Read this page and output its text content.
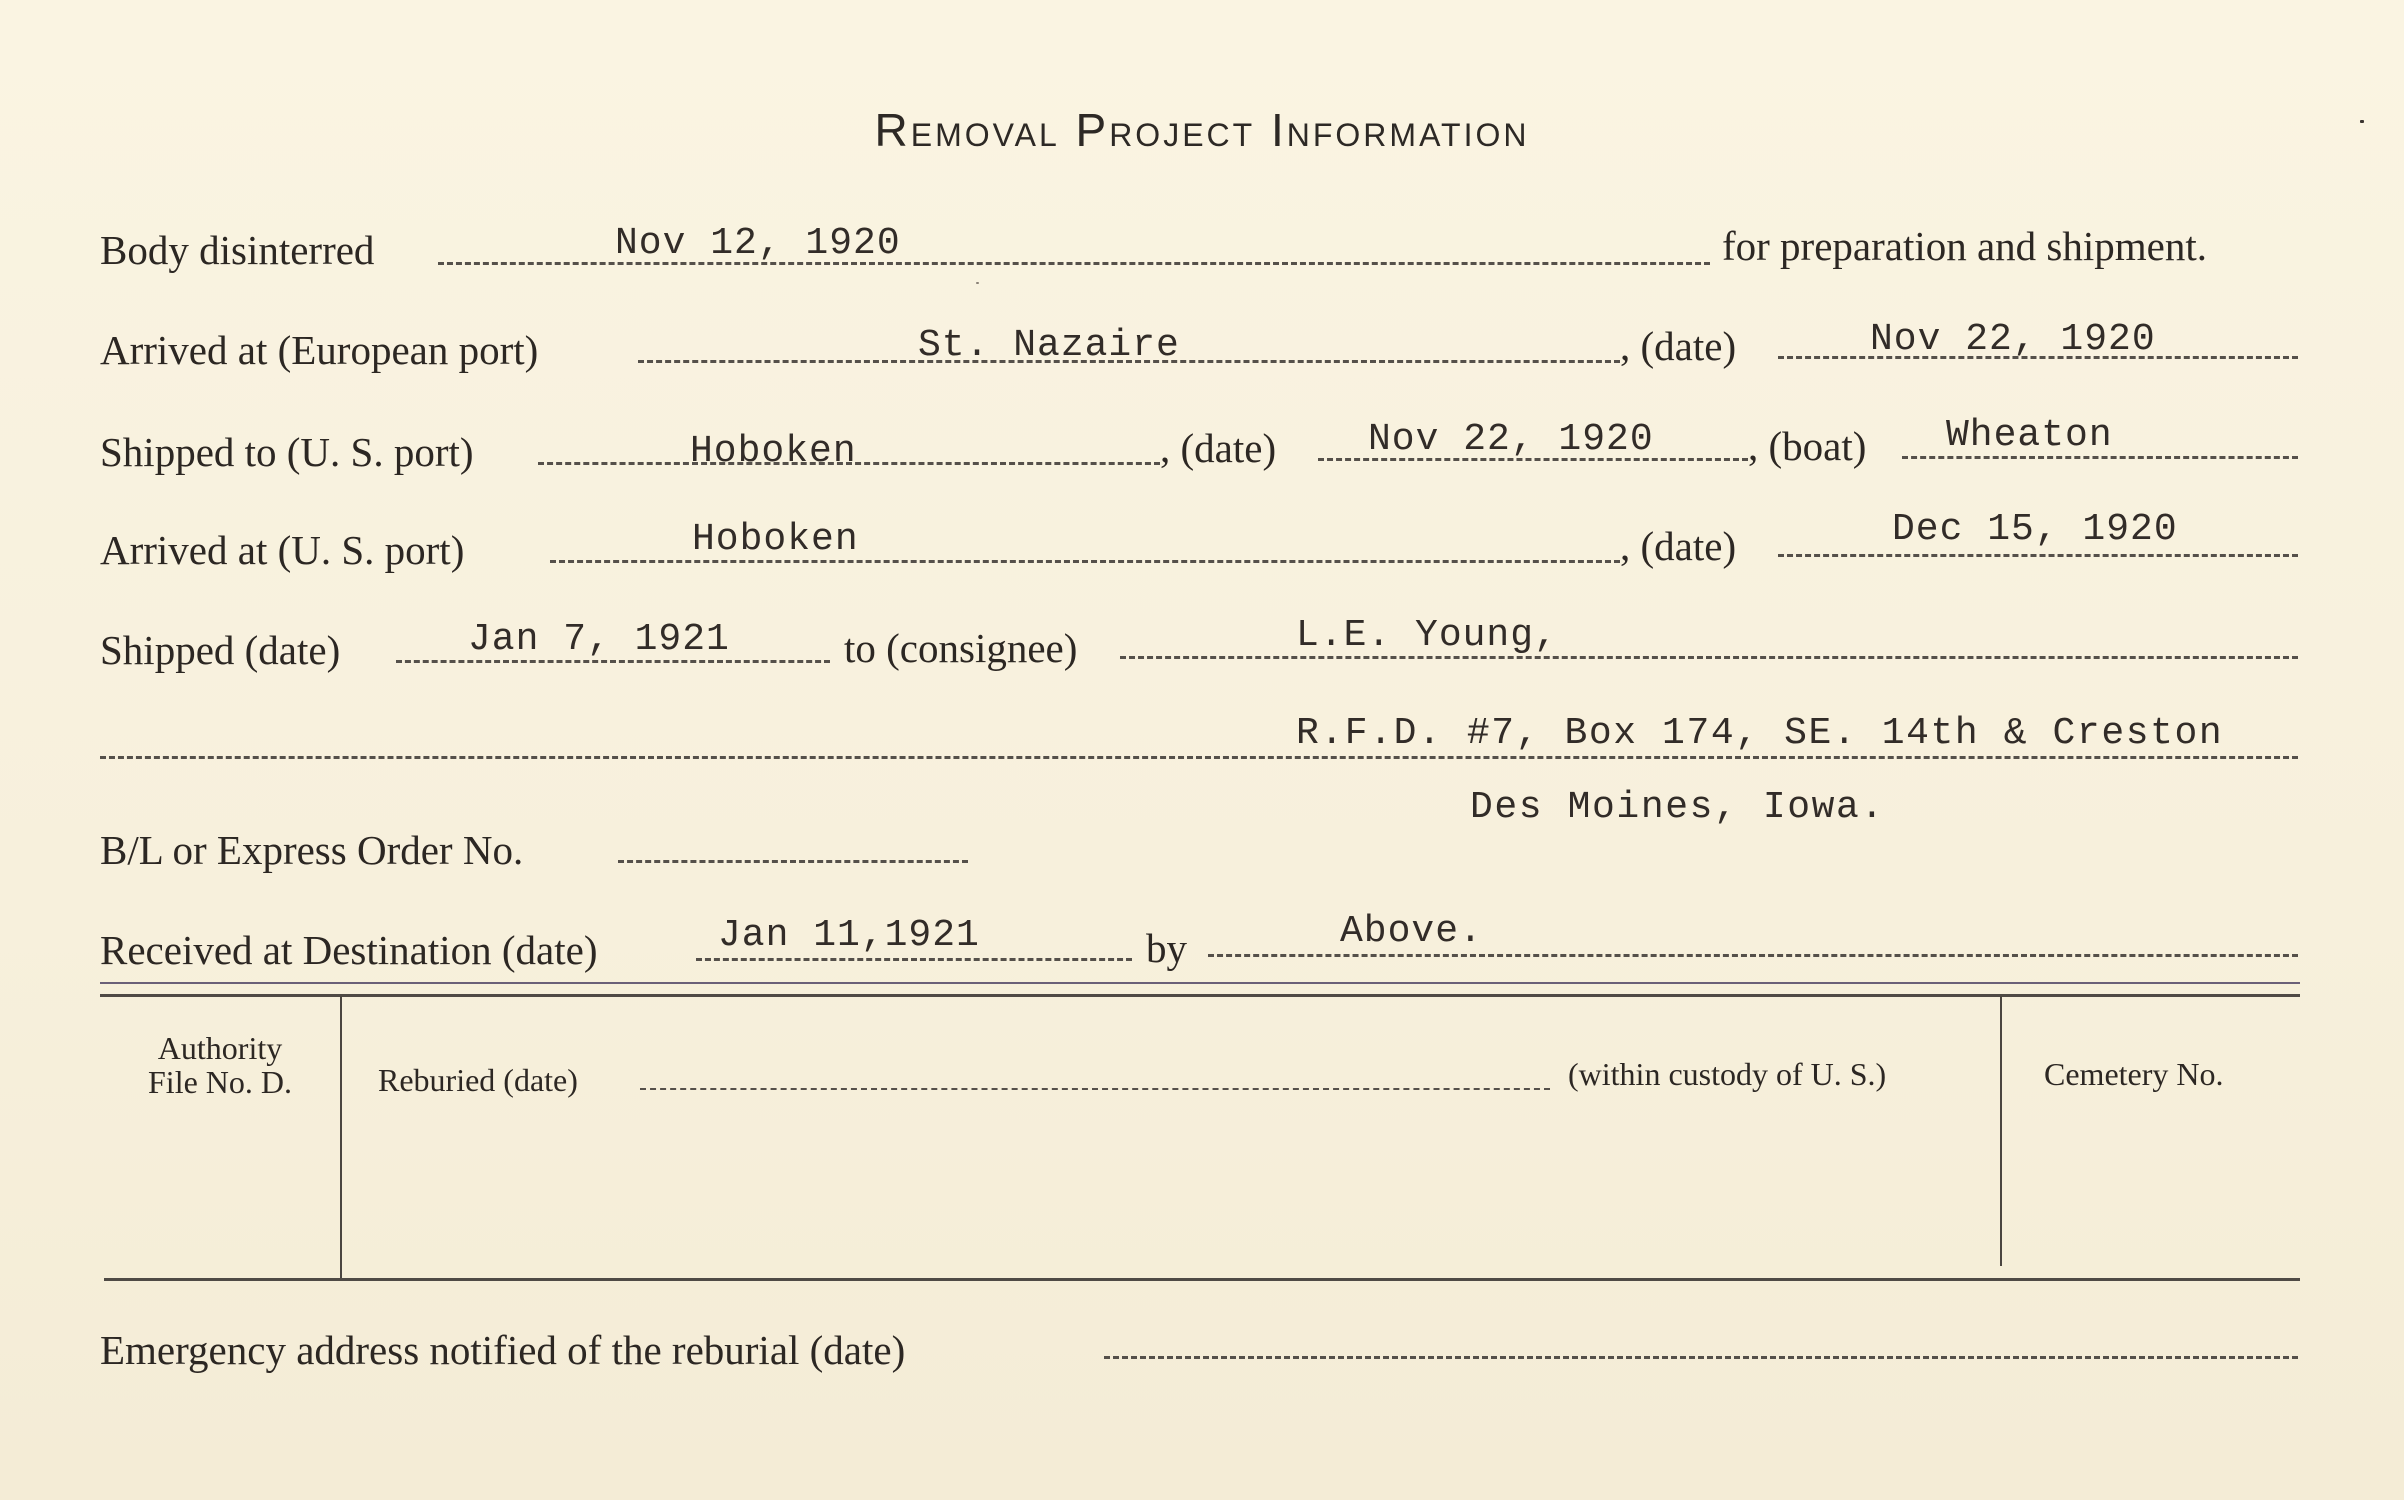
Removal Project Information
Body disinterred	Nov 12, 1920	for preparation and shipment.
Arrived at (European port)	St. Nazaire	, (date)	Nov 22, 1920
Shipped to (U. S. port)	Hoboken	, (date) Nov 22, 1920 , (boat) Wheaton
Arrived at (U. S. port)	Hoboken	, (date)	Dec 15, 1920
Shipped (date)	Jan 7, 1921	to (consignee)	L.E. Young,
R.F.D. #7, Box 174, SE. 14th & Creston
Des Moines, Iowa.
B/L or Express Order No.
Received at Destination (date)	Jan 11,1921	by	Above.
Authority
File No. D.	Reburied (date)	(within custody of U. S.)	Cemetery No.
Emergency address notified of the reburial (date)
